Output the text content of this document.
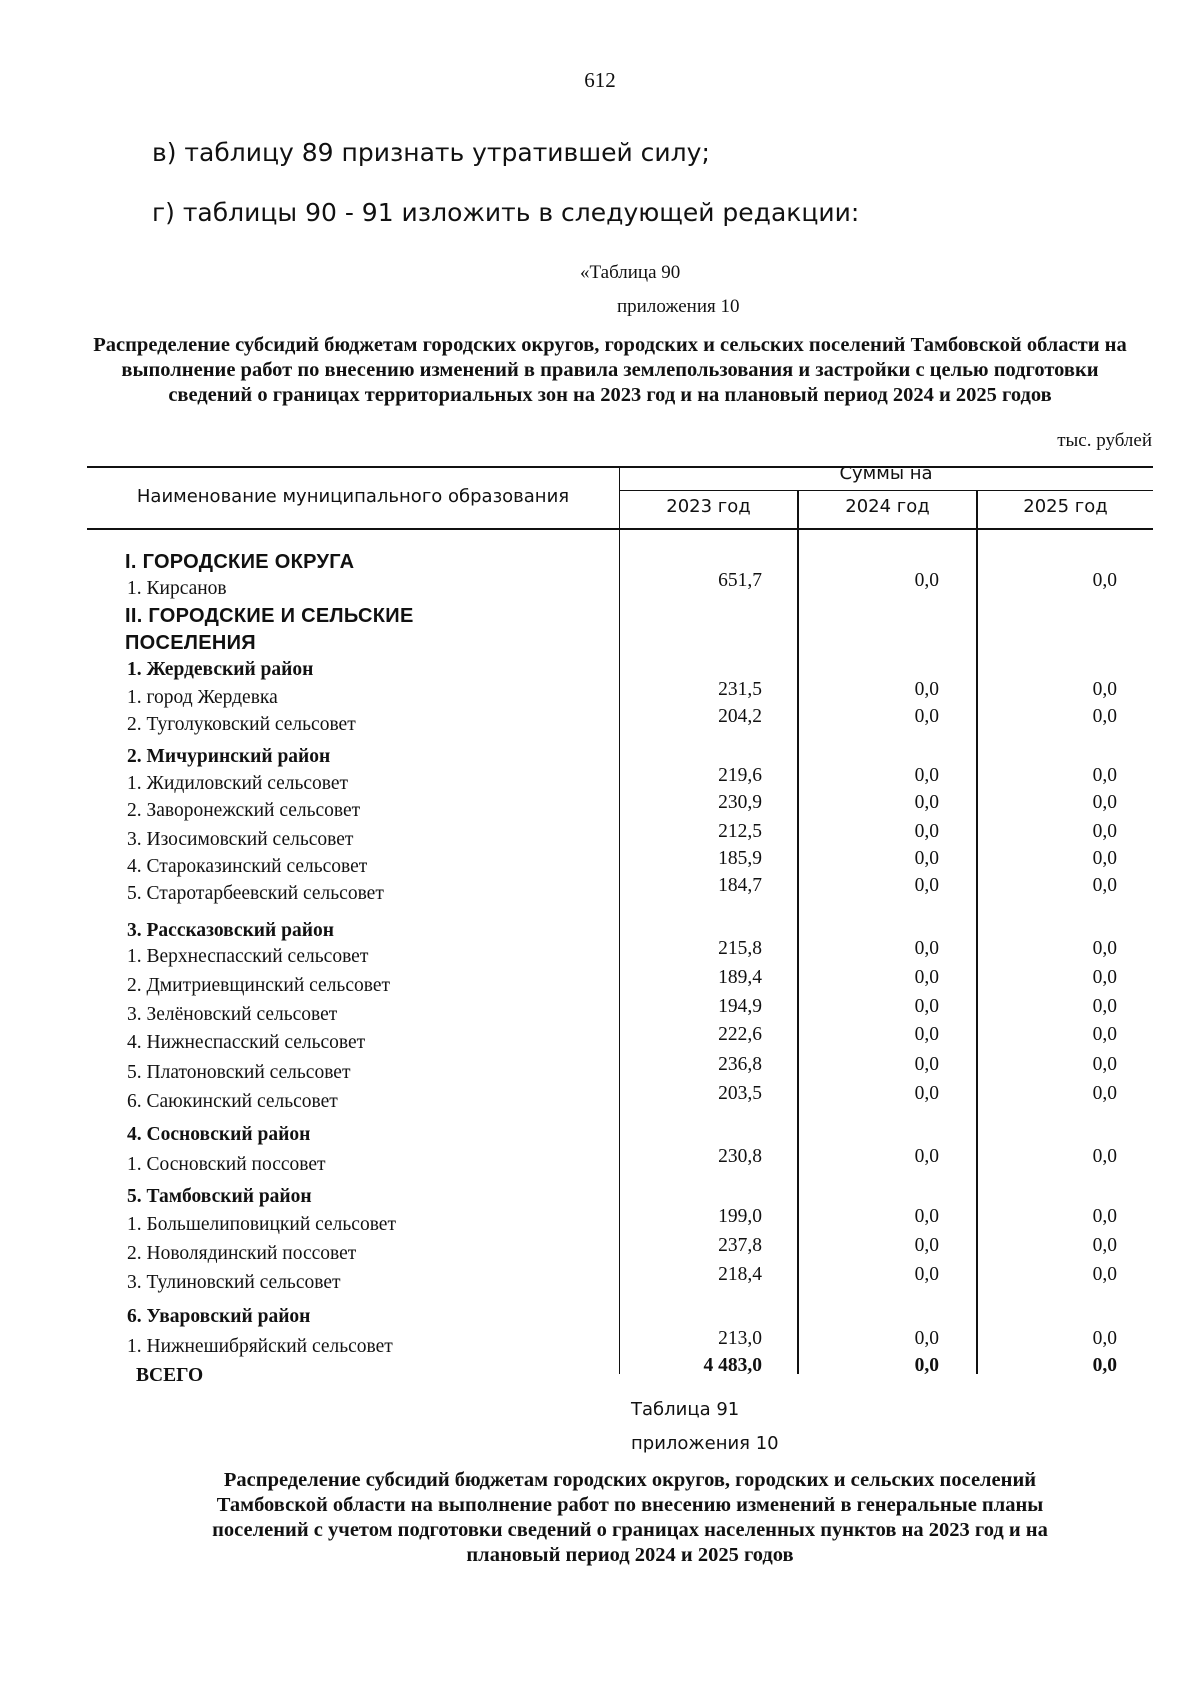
612
в) таблицу 89 признать утратившей силу;
г) таблицы 90 - 91 изложить в следующей редакции:
«Таблица 90
приложения 10
Распределение субсидий бюджетам городских округов, городских и сельских поселений Тамбовской области на выполнение работ по внесению изменений в правила землепользования и застройки с целью подготовки сведений о границах территориальных зон на 2023 год и на плановый период 2024 и 2025 годов
тыс. рублей
Наименование муниципального образования
Суммы на
2023 год	2024 год	2025 год
I. ГОРОДСКИЕ ОКРУГА
1. Кирсанов	651,7	0,0	0,0
II. ГОРОДСКИЕ И СЕЛЬСКИЕ
ПОСЕЛЕНИЯ
1. Жердевский район
1. город Жердевка	231,5	0,0	0,0
2. Туголуковский сельсовет	204,2	0,0	0,0
2. Мичуринский район
1. Жидиловский сельсовет	219,6	0,0	0,0
2. Заворонежский сельсовет	230,9	0,0	0,0
3. Изосимовский сельсовет	212,5	0,0	0,0
4. Староказинский сельсовет	185,9	0,0	0,0
5. Старотарбеевский сельсовет	184,7	0,0	0,0
3. Рассказовский район
1. Верхнеспасский сельсовет	215,8	0,0	0,0
2. Дмитриевщинский сельсовет	189,4	0,0	0,0
3. Зелёновский сельсовет	194,9	0,0	0,0
4. Нижнеспасский сельсовет	222,6	0,0	0,0
5. Платоновский сельсовет	236,8	0,0	0,0
6. Саюкинский сельсовет	203,5	0,0	0,0
4. Сосновский район
1. Сосновский поссовет	230,8	0,0	0,0
5. Тамбовский район
1. Большелиповицкий сельсовет	199,0	0,0	0,0
2. Новолядинский поссовет	237,8	0,0	0,0
3. Тулиновский сельсовет	218,4	0,0	0,0
6. Уваровский район
1. Нижнешибряйский сельсовет	213,0	0,0	0,0
ВСЕГО	4 483,0	0,0	0,0
Таблица 91
приложения 10
Распределение субсидий бюджетам городских округов, городских и сельских поселений Тамбовской области на выполнение работ по внесению изменений в генеральные планы поселений с учетом подготовки сведений о границах населенных пунктов на 2023 год и на плановый период 2024 и 2025 годов
